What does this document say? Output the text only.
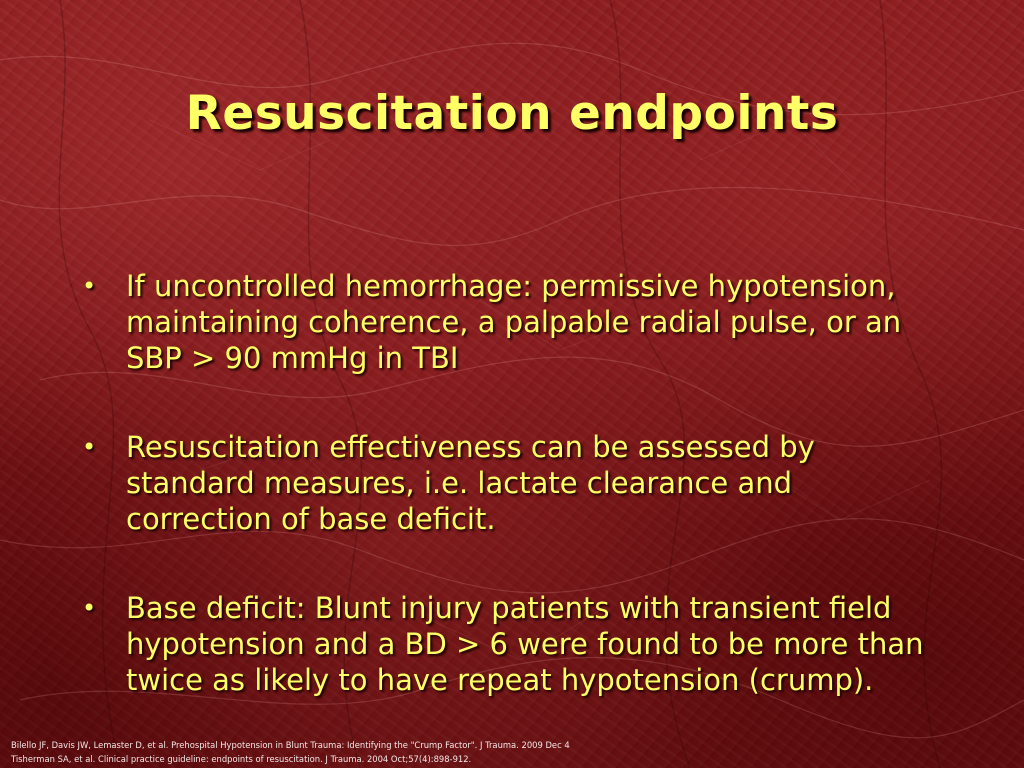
Resuscitation endpoints
•	If uncontrolled hemorrhage: permissive hypotension, maintaining coherence, a palpable radial pulse, or an SBP > 90 mmHg in TBI
•	Resuscitation effectiveness can be assessed by standard measures, i.e. lactate clearance and correction of base deficit.
•	Base deficit: Blunt injury patients with transient field hypotension and a BD > 6 were found to be more than twice as likely to have repeat hypotension (crump).
Bilello JF, Davis JW, Lemaster D, et al. Prehospital Hypotension in Blunt Trauma: Identifying the "Crump Factor". J Trauma. 2009 Dec 4
Tisherman SA, et al. Clinical practice guideline: endpoints of resuscitation. J Trauma. 2004 Oct;57(4):898-912.
